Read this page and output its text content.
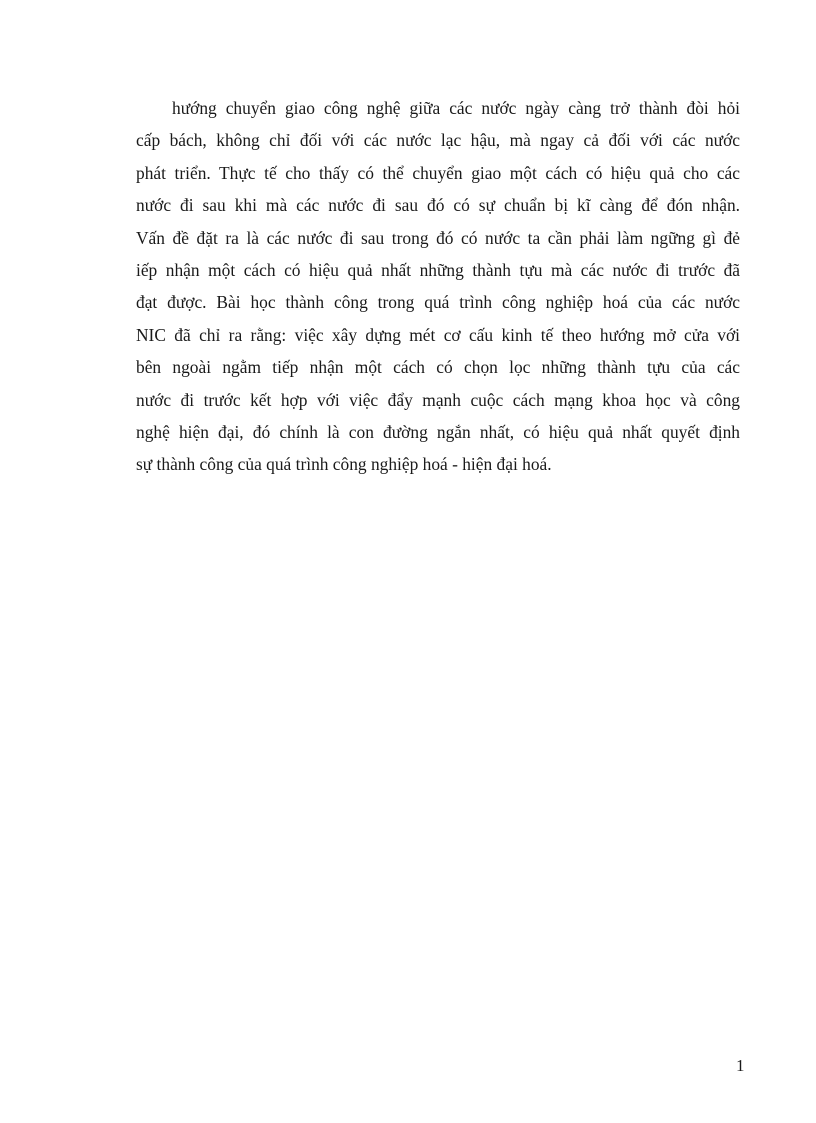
hướng chuyển giao công nghệ giữa các nước ngày càng trở thành đòi hỏi
cấp bách, không chỉ đối với các nước lạc hậu, mà ngay cả đối với các nước
phát triển. Thực tế cho thấy có thể chuyển giao một cách có hiệu quả cho các
nước đi sau khi mà các nước đi sau đó có sự chuẩn bị kĩ càng để đón nhận.
Vấn đề đặt ra là các nước đi sau trong đó có nước ta cần phải làm ngững gì đẻ
iếp nhận một cách có hiệu quả nhất những thành tựu mà các nước đi trước đã
đạt được. Bài học thành công trong quá trình công nghiệp hoá của các nước
NIC đã chỉ ra rằng: việc xây dựng mét cơ cấu kinh tế theo hướng mở cửa với
bên ngoài ngằm tiếp nhận một cách có chọn lọc những thành tựu của các
nước đi trước kết hợp với việc đẩy mạnh cuộc cách mạng khoa học và công
nghệ hiện đại, đó chính là con đường ngắn nhất, có hiệu quả nhất quyết định
sự thành công của quá trình công nghiệp hoá - hiện đại hoá.
1
